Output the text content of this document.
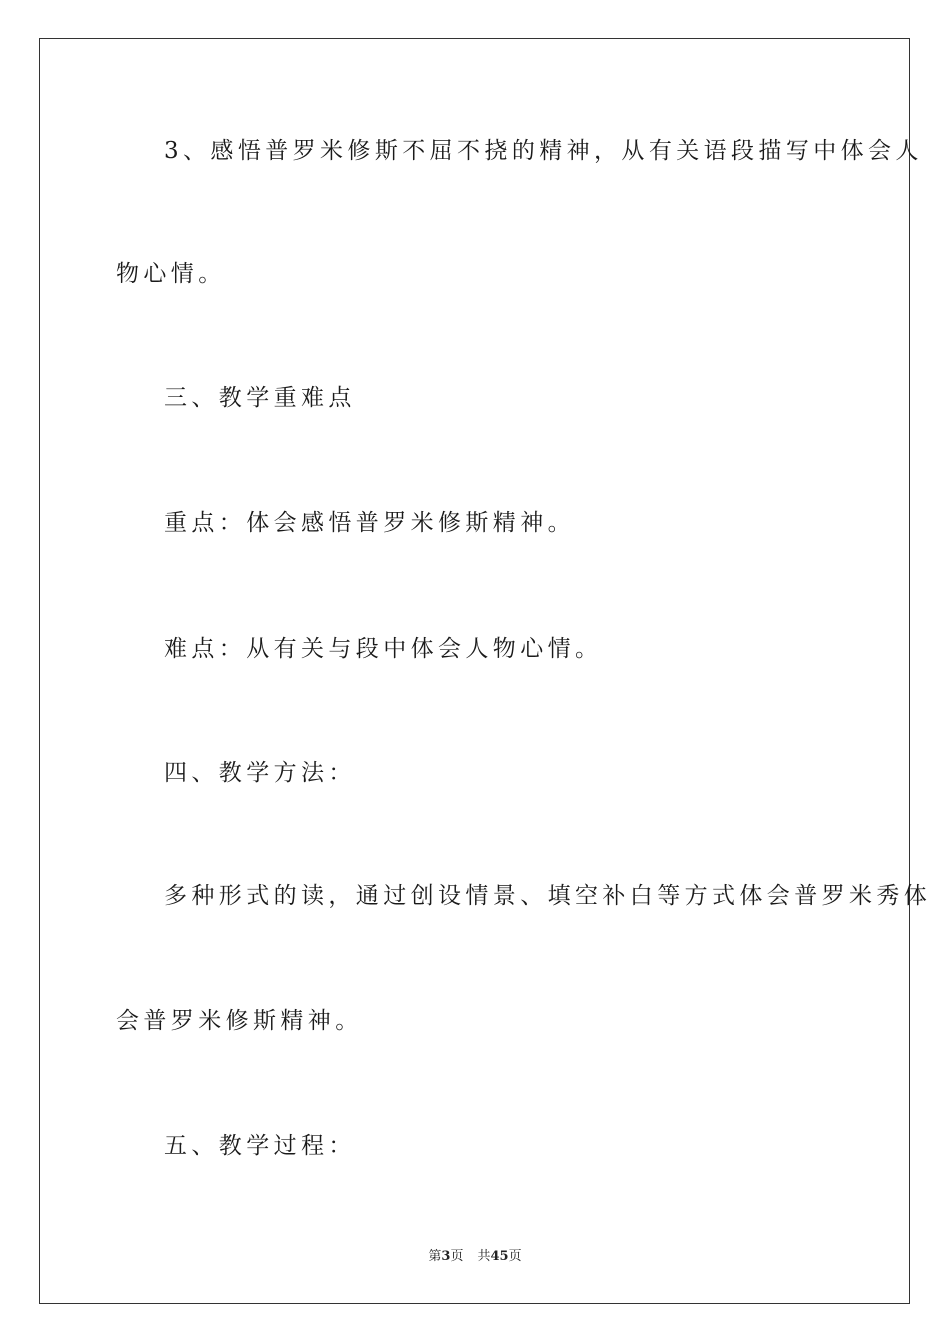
3、感悟普罗米修斯不屈不挠的精神，从有关语段描写中体会人

物心情。

三、教学重难点

重点：体会感悟普罗米修斯精神。

难点：从有关与段中体会人物心情。

四、教学方法：

多种形式的读，通过创设情景、填空补白等方式体会普罗米秀体

会普罗米修斯精神。

五、教学过程：

第3页 共45页
